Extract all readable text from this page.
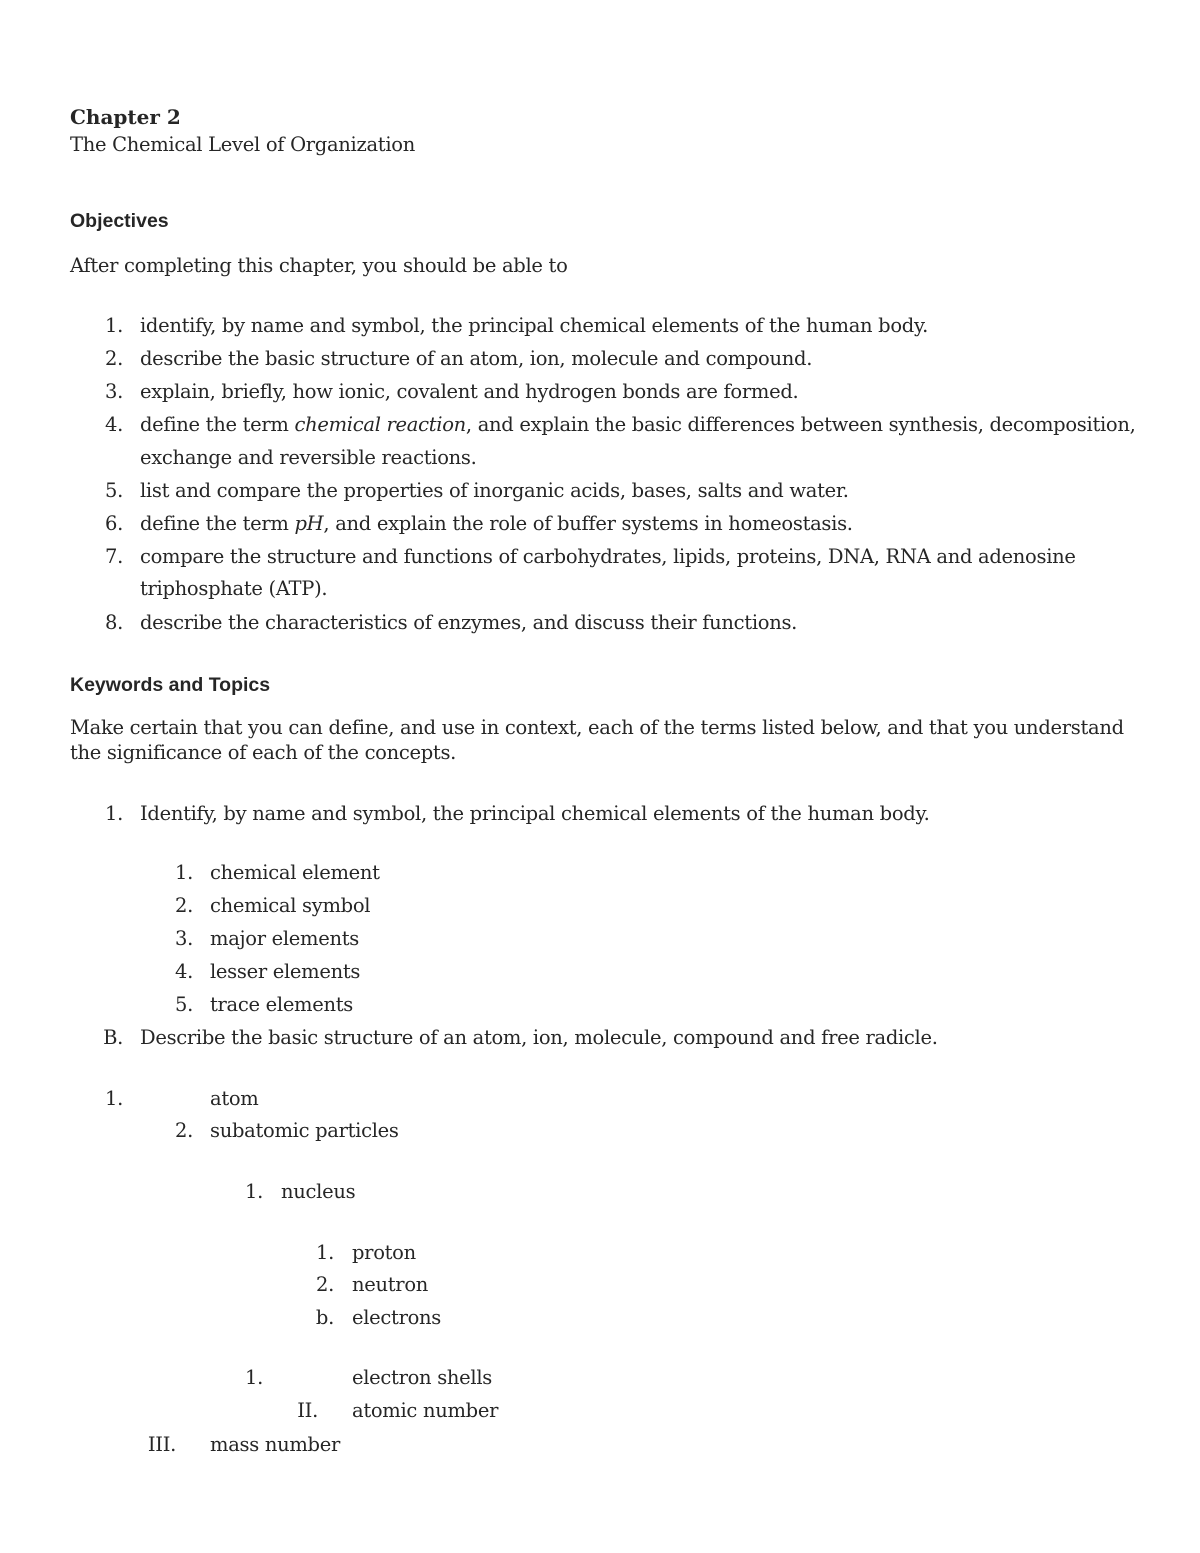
Chapter 2
The Chemical Level of Organization
Objectives
After completing this chapter, you should be able to
1. identify, by name and symbol, the principal chemical elements of the human body.
2. describe the basic structure of an atom, ion, molecule and compound.
3. explain, briefly, how ionic, covalent and hydrogen bonds are formed.
4. define the term chemical reaction, and explain the basic differences between synthesis, decomposition,
exchange and reversible reactions.
5. list and compare the properties of inorganic acids, bases, salts and water.
6. define the term pH, and explain the role of buffer systems in homeostasis.
7. compare the structure and functions of carbohydrates, lipids, proteins, DNA, RNA and adenosine
triphosphate (ATP).
8. describe the characteristics of enzymes, and discuss their functions.
Keywords and Topics
Make certain that you can define, and use in context, each of the terms listed below, and that you understand
the significance of each of the concepts.
1. Identify, by name and symbol, the principal chemical elements of the human body.
1. chemical element
2. chemical symbol
3. major elements
4. lesser elements
5. trace elements
B. Describe the basic structure of an atom, ion, molecule, compound and free radicle.
1.	atom
2. subatomic particles
1. nucleus
1. proton
2. neutron
b. electrons
1.	electron shells
II. atomic number
III. mass number
